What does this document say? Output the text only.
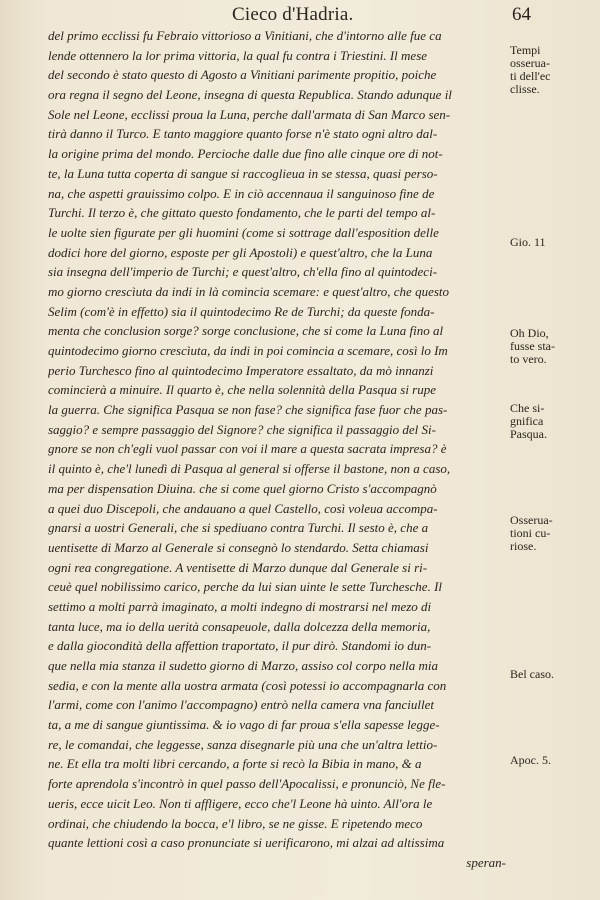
Cieco d'Hadria.	64
del primo ecclissi fu Febraio vittorioso a Vinitiani, che d'intorno alle fue ca
lende ottennero la lor prima vittoria, la qual fu contra i Triestini. Il mese
del secondo è stato questo di Agosto a Vinitiani parimente propitio, poiche
ora regna il segno del Leone, insegna di questa Republica. Stando adunque il
Sole nel Leone, ecclissi proua la Luna, perche dall'armata di San Marco sen-
tirà danno il Turco. E tanto maggiore quanto forse n'è stato ogni altro dal-
la origine prima del mondo. Percioche dalle due fino alle cinque ore di not-
te, la Luna tutta coperta di sangue si raccoglieua in se stessa, quasi perso-
na, che aspetti grauissimo colpo. E in ciò accennaua il sanguinoso fine de
Turchi. Il terzo è, che gittato questo fondamento, che le parti del tempo al-
le uolte sien figurate per gli huomini (come si sottrage dall'esposition delle
dodici hore del giorno, esposte per gli Apostoli) e quest'altro, che la Luna
sia insegna dell'imperio de Turchi; e quest'altro, ch'ella fino al quintodeci-
mo giorno crescìuta da indi in là comincia scemare: e quest'altro, che questo
Selim (com'è in effetto) sia il quintodecimo Re de Turchi; da queste fonda-
menta che conclusion sorge? sorge conclusione, che si come la Luna fino al
quintodecimo giorno crescìuta, da indi in poi comincia a scemare, così lo Im
perio Turchesco fino al quintodecimo Imperatore essaltato, da mò innanzi
comincierà a minuire. Il quarto è, che nella solennità della Pasqua si rupe
la guerra. Che significa Pasqua se non fase? che significa fase fuor che pas-
saggio? e sempre passaggio del Signore? che significa il passaggio del Si-
gnore se non ch'egli vuol passar con voi il mare a questa sacrata impresa? è
il quinto è, che'l lunedì di Pasqua al general si offerse il bastone, non a caso,
ma per dispensation Diuina. che si come quel giorno Cristo s'accompagnò
a quei duo Discepoli, che andauano a quel Castello, così voleua accompa-
gnarsi a uostri Generali, che si spediuano contra Turchi. Il sesto è, che a
uentisette di Marzo al Generale si consegnò lo stendardo. Setta chiamasi
ogni rea congregatione. A ventisette di Marzo dunque dal Generale si ri-
ceuè quel nobilissimo carico, perche da lui sian uinte le sette Turchesche. Il
settimo a molti parrà imaginato, a molti indegno di mostrarsi nel mezo di
tanta luce, ma io della uerità consapeuole, dalla dolcezza della memoria,
e dalla giocondità della affettion traportato, il pur dirò. Standomi io dun-
que nella mia stanza il sudetto giorno di Marzo, assiso col corpo nella mia
sedia, e con la mente alla uostra armata (così potessi io accompagnarla con
l'armi, come con l'animo l'accompagno) entrò nella camera vna fanciullet
ta, a me di sangue giuntissima. & io vago di far proua s'ella sapesse legge-
re, le comandai, che leggesse, sanza disegnarle più una che un'altra lettio-
ne. Et ella tra molti libri cercando, a forte si recò la Bibia in mano, & a
forte aprendola s'incontrò in quel passo dell'Apocalissi, e pronunciò, Ne fle-
ueris, ecce uicit Leo. Non ti affligere, ecco che'l Leone hà uinto. All'ora le
ordinai, che chiudendo la bocca, e'l libro, se ne gisse. E ripetendo meco
quante lettioni così a caso pronunciate si uerificarono, mi alzai ad altissima
speran-
Tempi
osserua-
ti dell'ec
clisse.
Gio. 11
Oh Dio,
fusse sta-
to vero.
Che si-
gnifica
Pasqua.
Osserua-
tioni cu-
riose.
Bel caso.
Apoc. 5.
